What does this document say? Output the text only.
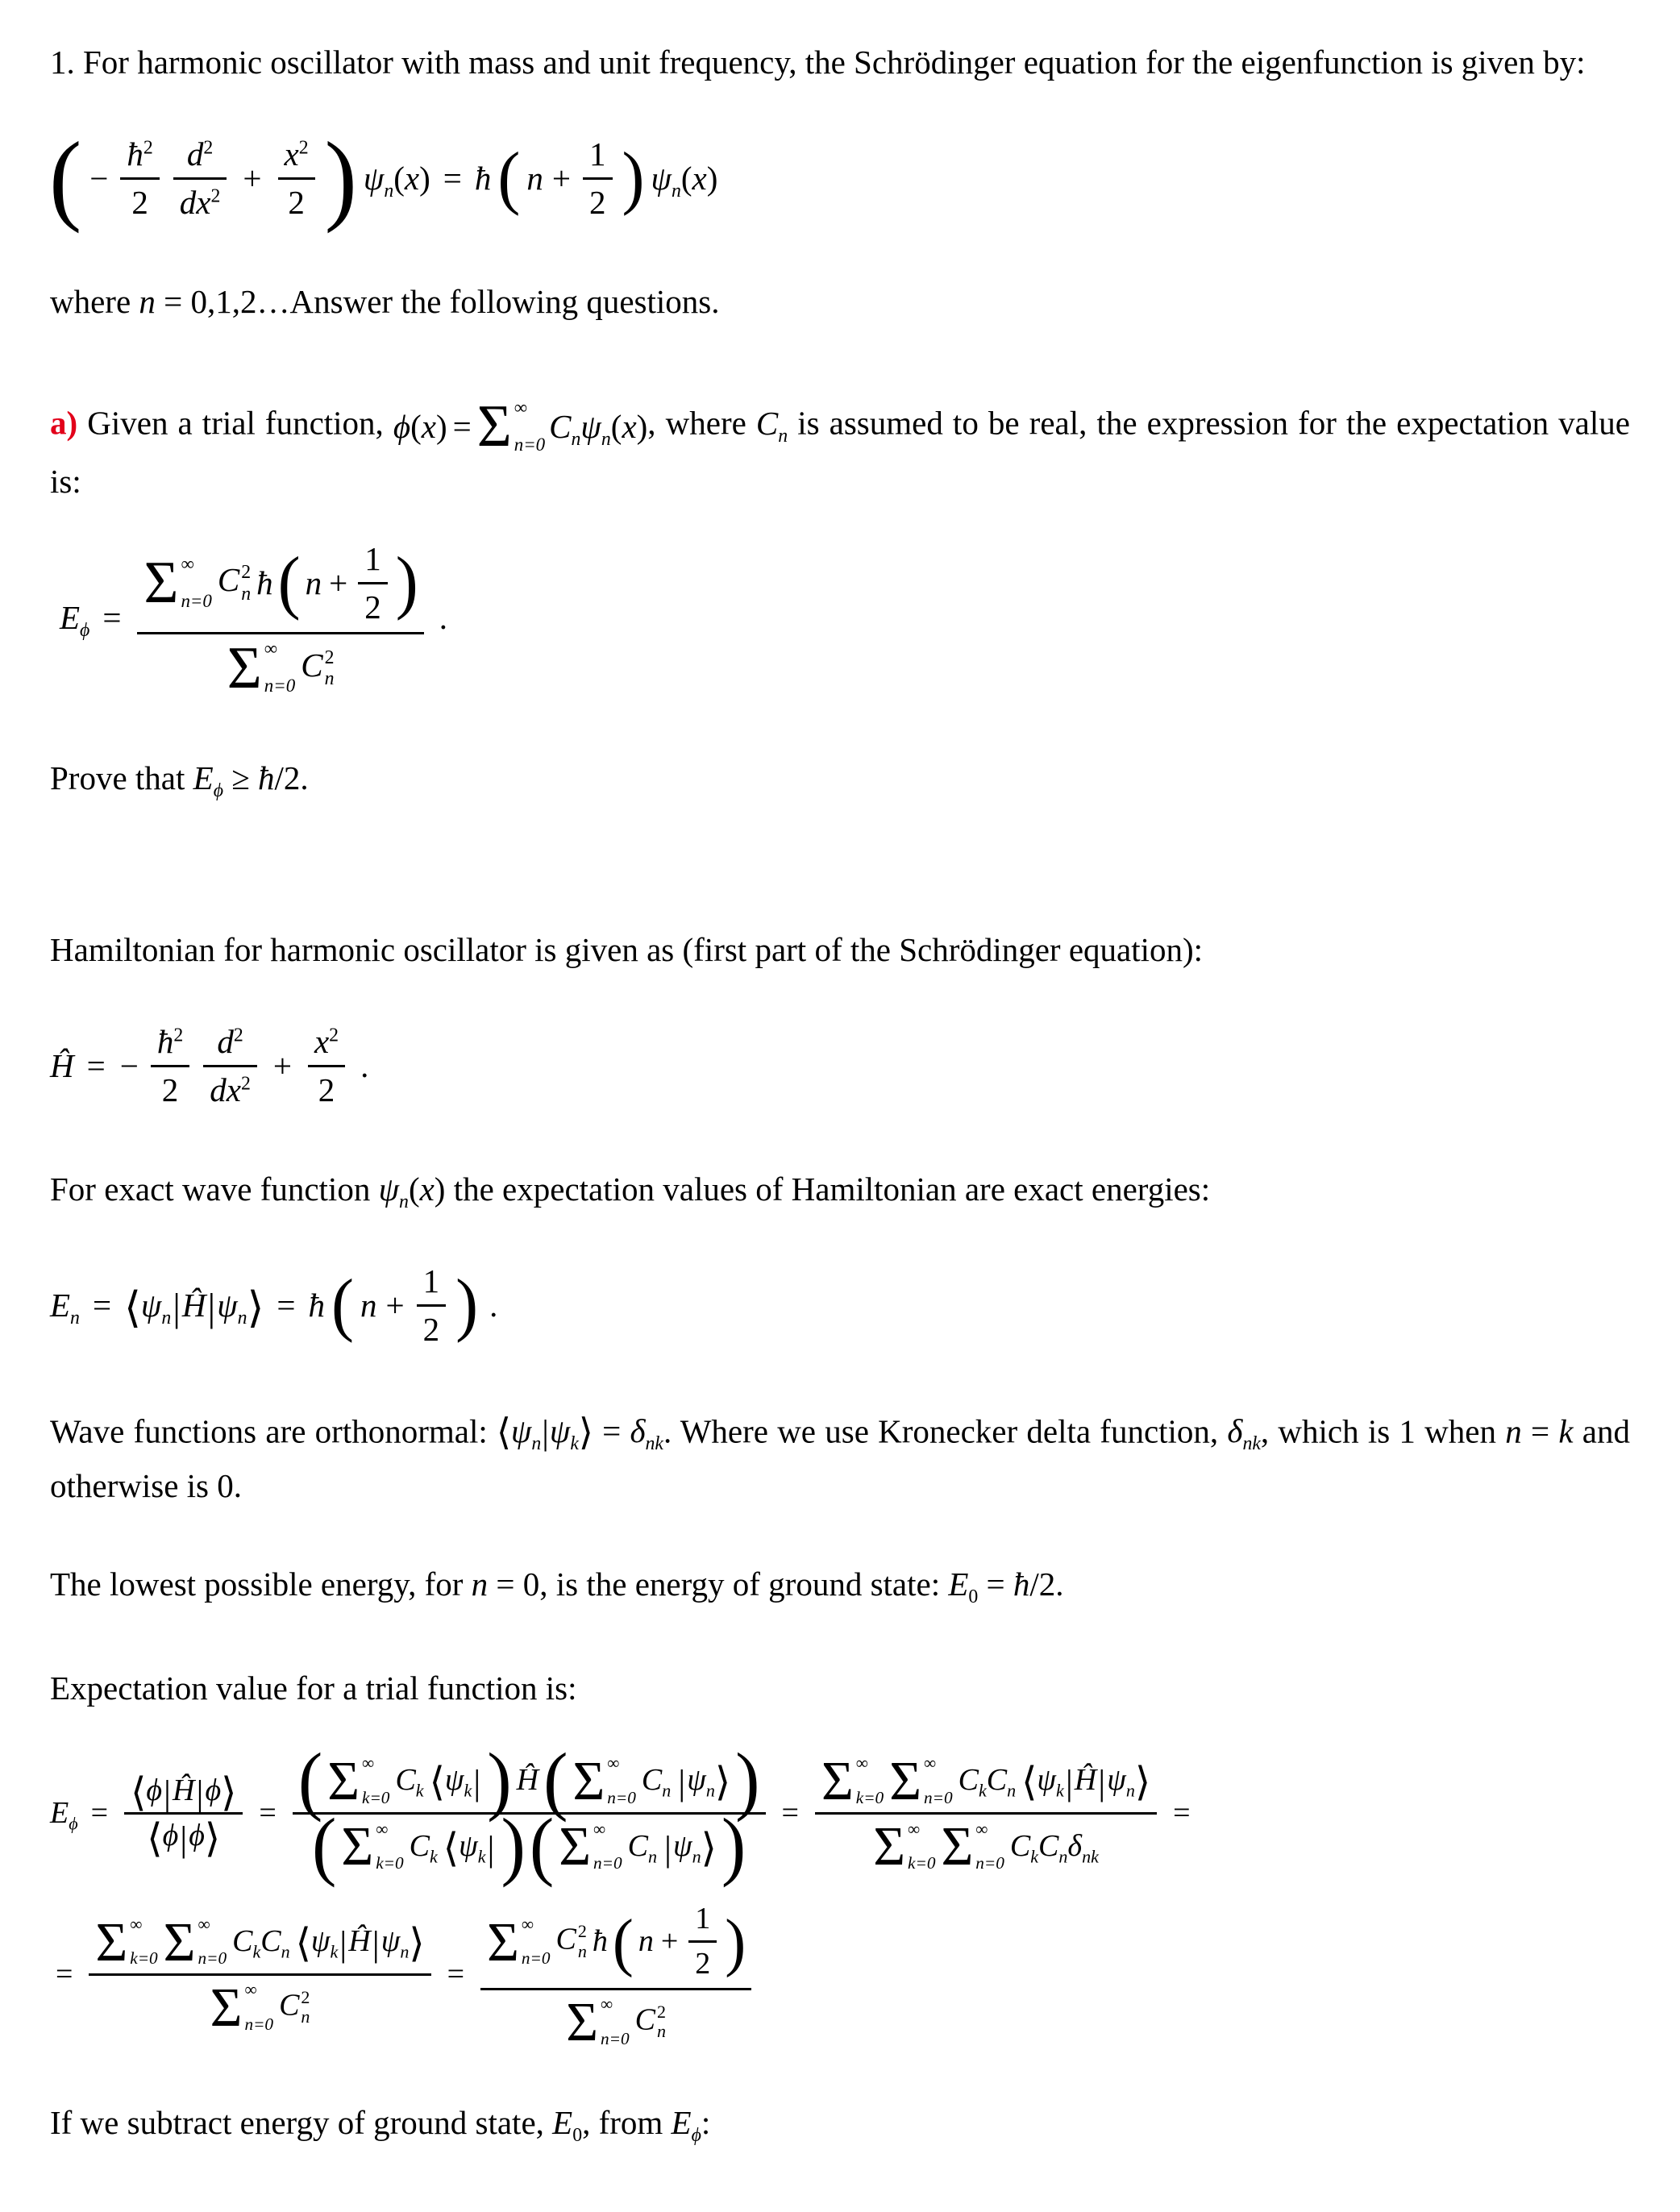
1. For harmonic oscillator with mass and unit frequency, the Schrödinger equation for the eigenfunction is given by:

( − $\frac{ħ^2}{2} \frac{d^2}{dx^2} + \frac{x^2}{2}$ ) $\psi_n(x)$ = ħ ( $n + \frac{1}{2}$ ) $\psi_n(x)$

where n = 0,1,2…Answer the following questions.

a) Given a trial function, ϕ(x) = Σ ∞
n=0 $C_n\psi_n(x)$ , where $C_n$ is assumed to be real, the expression for the expectation value is:

$E_\phi$ =
Σ ∞
n=0
C 2
n ħ ( $n + \frac{1}{2}$ )
Σ ∞
n=0
C 2
n
.

Prove that $E_\phi$ ≥ ħ/2.

Hamiltonian for harmonic oscillator is given as (first part of the Schrödinger equation):

Ĥ = − $\frac{ħ^2}{2} \frac{d^2}{dx^2} + \frac{x^2}{2}$ .

For exact wave function $\psi_n(x)$ the expectation values of Hamiltonian are exact energies:

$E_n$ = $⟨\psi_n|Ĥ|\psi_n⟩$ = ħ ( $n + \frac{1}{2}$ ) .

Wave functions are orthonormal: $⟨\psi_n|\psi_k⟩ = \delta_{nk}$. Where we use Kronecker delta function, $\delta_{nk}$, which is 1 when n = k and otherwise is 0.

The lowest possible energy, for n = 0, is the energy of ground state: $E_0$ = ħ/2.

Expectation value for a trial function is:

$E_\phi = \frac{⟨\phi|Ĥ|\phi⟩}{⟨\phi|\phi⟩}$ = ( Σ ∞
k=0
$C_k$ $⟨\psi_k|$ ) Ĥ ( Σ ∞
n=0
$C_n$ $|\psi_n⟩$ )
( Σ ∞
k=0
$C_k$ $⟨\psi_k|$ ) ( Σ ∞
n=0
$C_n$ $|\psi_n⟩$ ) = Σ ∞
k=0 Σ ∞
n=0
$C_kC_n$ $⟨\psi_k|Ĥ|\psi_n⟩$
Σ ∞
k=0 Σ ∞
n=0
$C_kC_n\delta_{nk}$ =
= Σ ∞
k=0 Σ ∞
n=0
$C_kC_n$ $⟨\psi_k|Ĥ|\psi_n⟩$
Σ ∞
n=0
C 2
n =
Σ ∞
n=0
C 2
n ħ ( $n + \frac{1}{2}$ )
Σ ∞
n=0
C 2
n

If we subtract energy of ground state, $E_0$, from $E_\phi$:
